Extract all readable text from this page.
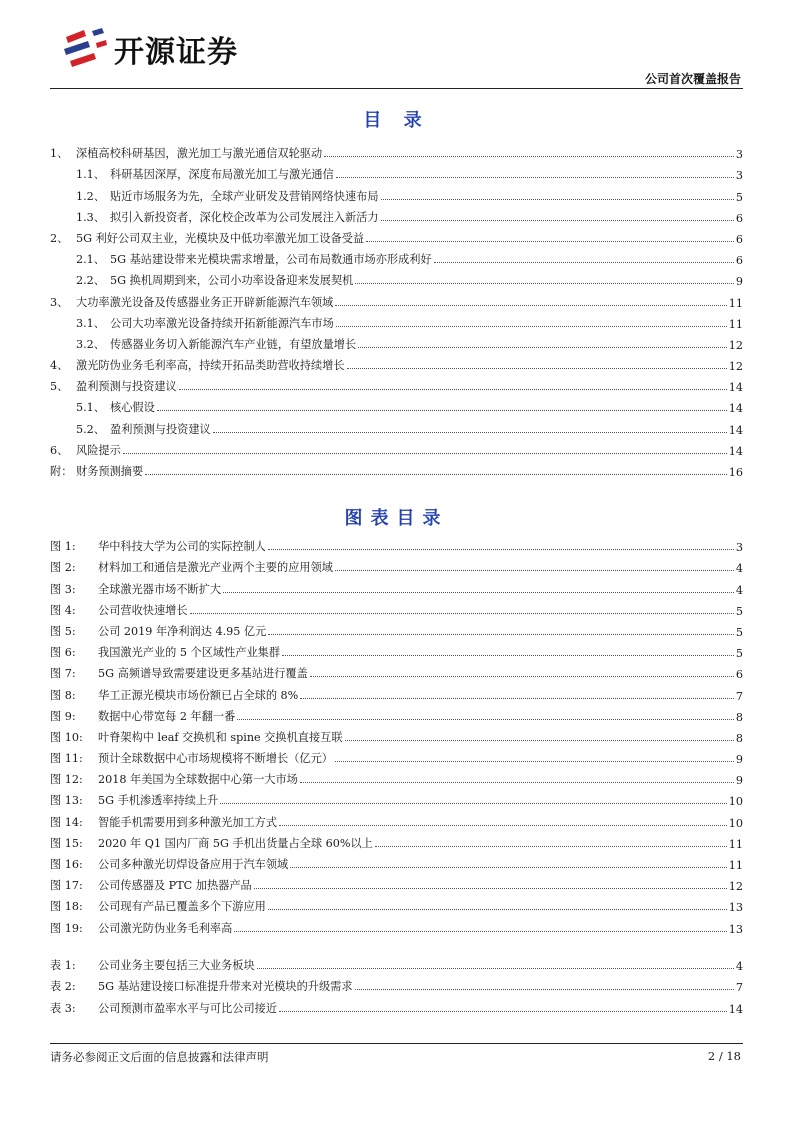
开源证券
公司首次覆盖报告
目 录
1、 深植高校科研基因，激光加工与激光通信双轮驱动	3
1.1、 科研基因深厚，深度布局激光加工与激光通信	3
1.2、 贴近市场服务为先，全球产业研发及营销网络快速布局	5
1.3、 拟引入新投资者，深化校企改革为公司发展注入新活力	6
2、 5G 利好公司双主业，光模块及中低功率激光加工设备受益	6
2.1、 5G 基站建设带来光模块需求增量，公司布局数通市场亦形成利好	6
2.2、 5G 换机周期到来，公司小功率设备迎来发展契机	9
3、 大功率激光设备及传感器业务正开辟新能源汽车领域	11
3.1、 公司大功率激光设备持续开拓新能源汽车市场	11
3.2、 传感器业务切入新能源汽车产业链，有望放量增长	12
4、 激光防伪业务毛利率高，持续开拓品类助营收持续增长	12
5、 盈利预测与投资建议	14
5.1、 核心假设	14
5.2、 盈利预测与投资建议	14
6、 风险提示	14
附： 财务预测摘要	16
图表目录
图 1:	华中科技大学为公司的实际控制人	3
图 2:	材料加工和通信是激光产业两个主要的应用领域	4
图 3:	全球激光器市场不断扩大	4
图 4:	公司营收快速增长	5
图 5:	公司 2019 年净利润达 4.95 亿元	5
图 6:	我国激光产业的 5 个区域性产业集群	5
图 7:	5G 高频谱导致需要建设更多基站进行覆盖	6
图 8:	华工正源光模块市场份额已占全球的 8%	7
图 9:	数据中心带宽每 2 年翻一番	8
图 10:	叶脊架构中 leaf 交换机和 spine 交换机直接互联	8
图 11:	预计全球数据中心市场规模将不断增长（亿元）	9
图 12:	2018 年美国为全球数据中心第一大市场	9
图 13:	5G 手机渗透率持续上升	10
图 14:	智能手机需要用到多种激光加工方式	10
图 15:	2020 年 Q1 国内厂商 5G 手机出货量占全球 60%以上	11
图 16:	公司多种激光切焊设备应用于汽车领域	11
图 17:	公司传感器及 PTC 加热器产品	12
图 18:	公司现有产品已覆盖多个下游应用	13
图 19:	公司激光防伪业务毛利率高	13
表 1:	公司业务主要包括三大业务板块	4
表 2:	5G 基站建设接口标准提升带来对光模块的升级需求	7
表 3:	公司预测市盈率水平与可比公司接近	14
请务必参阅正文后面的信息披露和法律声明	2 / 18
